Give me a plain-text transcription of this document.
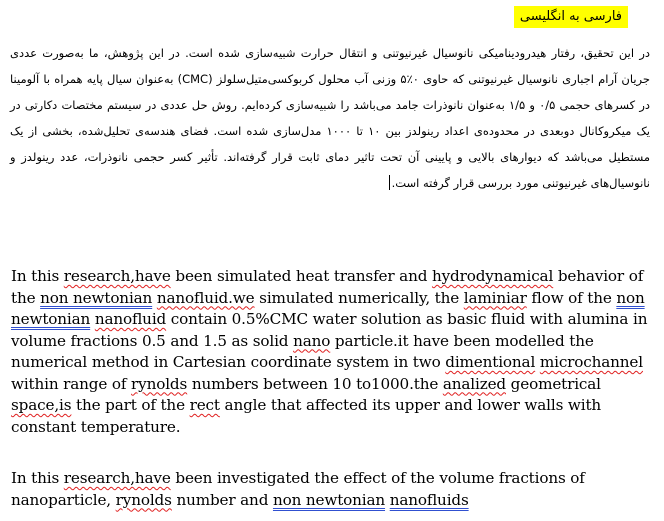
فارسی به انگلیسی
در این تحقیق، رفتار هیدرودینامیکی نانوسیال غیرنیوتنی و انتقال حرارت شبیه‌سازی شده است. در این پژوهش، ما به‌صورت عددی جریان آرام اجباری نانوسیال غیرنیوتنی که حاوی ۰٪۵ وزنی آب محلول کربوکسی‌متیل‌سلولز (CMC) به‌عنوان سیال پایه همراه با آلومینا در کسرهای حجمی ۰/۵ و ۱/۵ به‌عنوان نانوذرات جامد می‌باشد را شبیه‌سازی کرده‌ایم. روش حل عددی در سیستم مختصات دکارتی در یک میکروکانال دوبعدی در محدوده‌ی اعداد رینولدز بین ۱۰ تا ۱۰۰۰ مدل‌سازی شده است. فضای هندسه‌ی تحلیل‌شده، بخشی از یک مستطیل می‌باشد که دیوارهای بالایی و پایینی آن تحت تاثیر دمای ثابت قرار گرفته‌اند. تأثیر کسر حجمی نانوذرات، عدد رینولدز و نانوسیال‌های غیرنیوتنی مورد بررسی قرار گرفته است.
In this research,have been simulated heat transfer and hydrodynamical behavior of the non newtonian nanofluid.we simulated numerically, the laminiar flow of the non newtonian nanofluid contain 0.5%CMC water solution as basic fluid with alumina in volume fractions 0.5 and 1.5 as solid nano particle.it have been modelled the numerical method in Cartesian coordinate system in two dimentional microchannel within range of rynolds numbers between 10 to1000.the analized geometrical space,is the part of the rect angle that affected its upper and lower walls with constant temperature.
In this research,have been investigated the effect of the volume fractions of nanoparticle, rynolds number and non newtonian nanofluids
